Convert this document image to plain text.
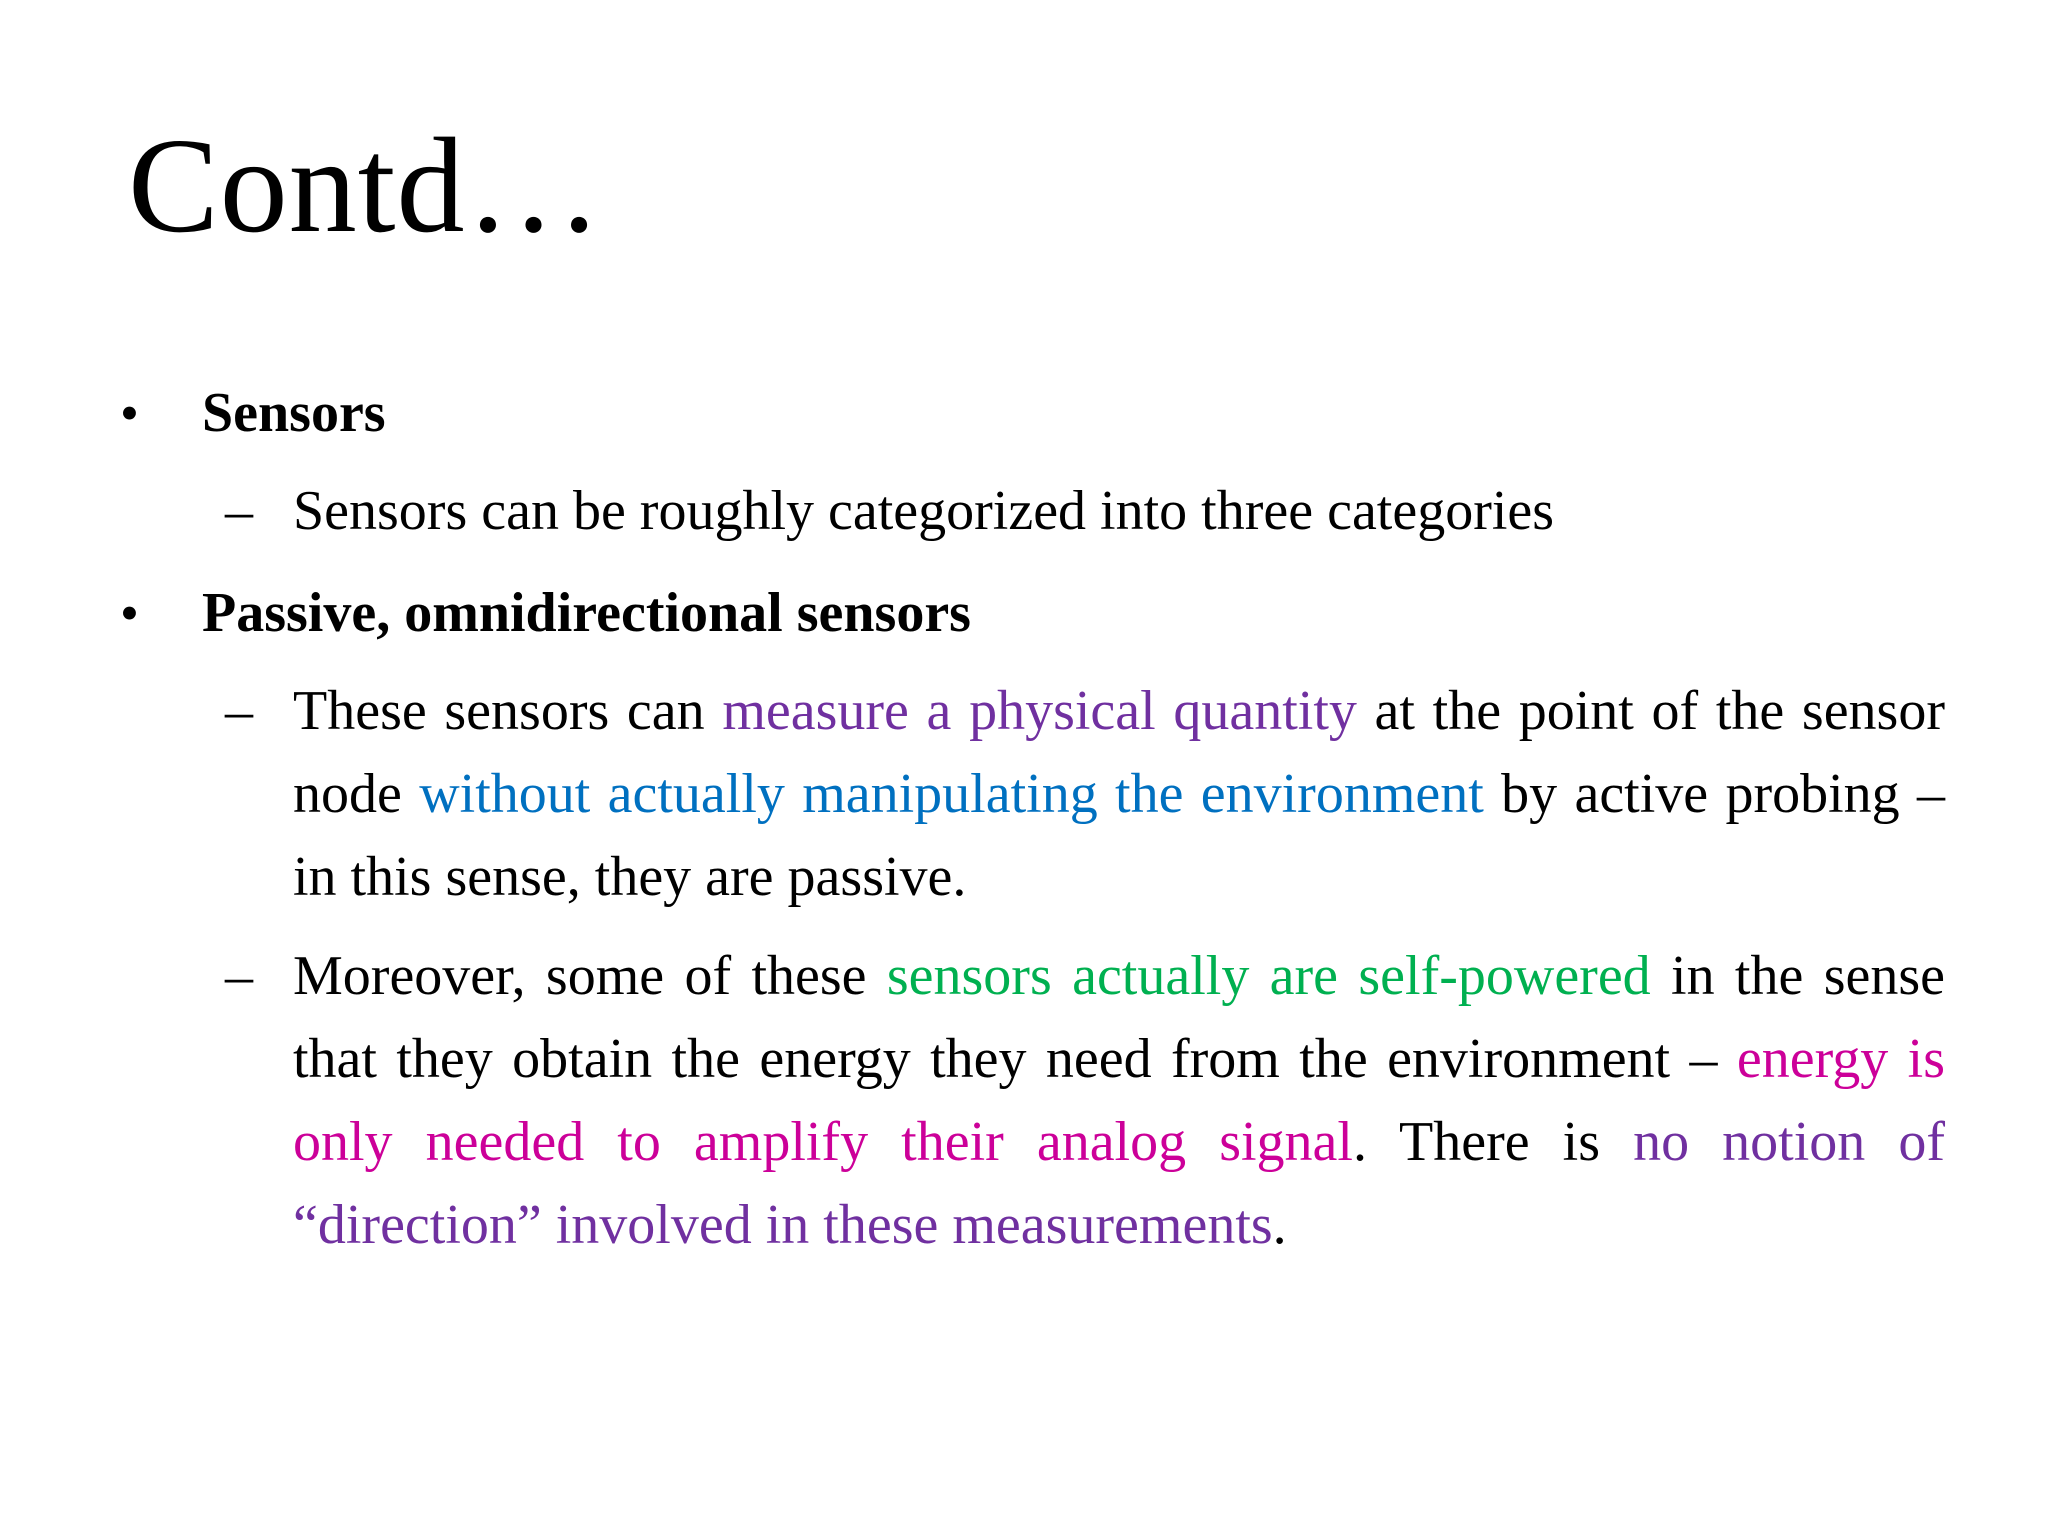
Contd…
•	Sensors
– Sensors can be roughly categorized into three categories
•	Passive, omnidirectional sensors
– These sensors can measure a physical quantity at the point of the sensor node without actually manipulating the environment by active probing – in this sense, they are passive.
– Moreover, some of these sensors actually are self-powered in the sense that they obtain the energy they need from the environment – energy is only needed to amplify their analog signal. There is no notion of “direction” involved in these measurements.
